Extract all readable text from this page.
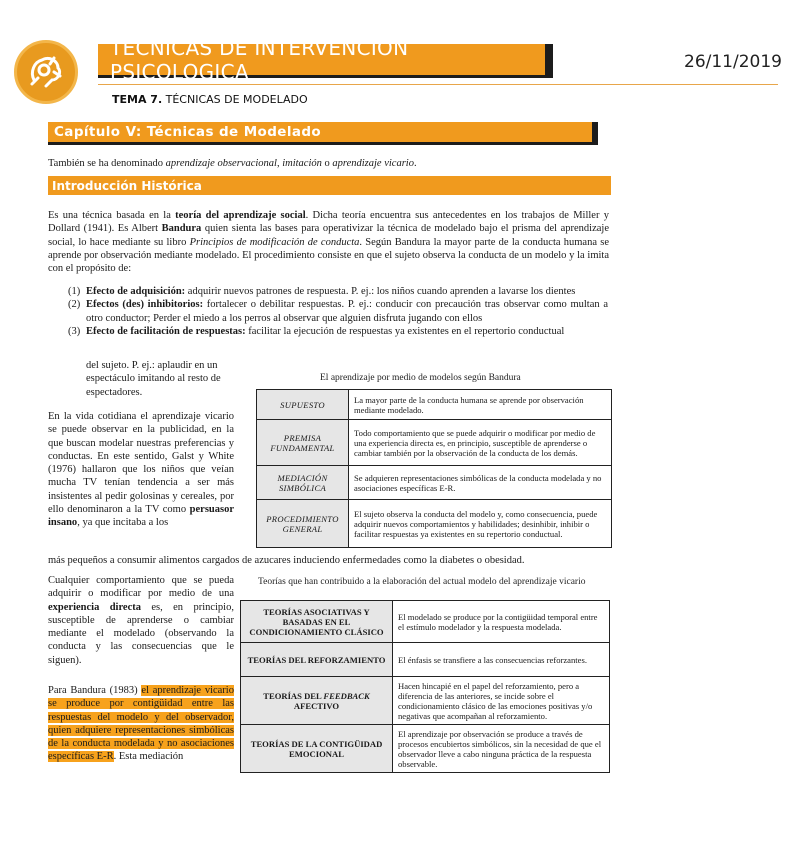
TÉCNICAS DE INTERVENCIÓN PSICOLOGICA	26/11/2019
TEMA 7. TÉCNICAS DE MODELADO
Capítulo V: Técnicas de Modelado
También se ha denominado aprendizaje observacional, imitación o aprendizaje vicario.
Introducción Histórica
Es una técnica basada en la teoría del aprendizaje social. Dicha teoría encuentra sus antecedentes en los trabajos de Miller y Dollard (1941). Es Albert Bandura quien sienta las bases para operativizar la técnica de modelado bajo el prisma del aprendizaje social, lo hace mediante su libro Principios de modificación de conducta. Según Bandura la mayor parte de la conducta humana se aprende por observación mediante modelado. El procedimiento consiste en que el sujeto observa la conducta de un modelo y la imita con el propósito de:
(1) Efecto de adquisición: adquirir nuevos patrones de respuesta. P. ej.: los niños cuando aprenden a lavarse los dientes
(2) Efectos (des) inhibitorios: fortalecer o debilitar respuestas. P. ej.: conducir con precaución tras observar como multan a otro conductor; Perder el miedo a los perros al observar que alguien disfruta jugando con ellos
(3) Efecto de facilitación de respuestas: facilitar la ejecución de respuestas ya existentes en el repertorio conductual
del sujeto. P. ej.: aplaudir en un espectáculo imitando al resto de espectadores.
El aprendizaje por medio de modelos según Bandura
SUPUESTO	La mayor parte de la conducta humana se aprende por observación mediante modelado.
PREMISA FUNDAMENTAL	Todo comportamiento que se puede adquirir o modificar por medio de una experiencia directa es, en principio, susceptible de aprenderse o cambiar también por la observación de la conducta de los demás.
MEDIACIÓN SIMBÓLICA	Se adquieren representaciones simbólicas de la conducta modelada y no asociaciones específicas E-R.
PROCEDIMIENTO GENERAL	El sujeto observa la conducta del modelo y, como consecuencia, puede adquirir nuevos comportamientos y habilidades; desinhibir, inhibir o facilitar respuestas ya existentes en su repertorio conductual.
En la vida cotidiana el aprendizaje vicario se puede observar en la publicidad, en la que buscan modelar nuestras preferencias y conductas. En este sentido, Galst y White (1976) hallaron que los niños que veían mucha TV tenían tendencia a ser más insistentes al pedir golosinas y cereales, por ello denominaron a la TV como persuasor insano, ya que incitaba a los
más pequeños a consumir alimentos cargados de azucares induciendo enfermedades como la diabetes o obesidad.
Teorías que han contribuido a la elaboración del actual modelo del aprendizaje vicario
TEORÍAS ASOCIATIVAS Y BASADAS EN EL CONDICIONAMIENTO CLÁSICO	El modelado se produce por la contigüidad temporal entre el estímulo modelador y la respuesta modelada.
TEORÍAS DEL REFORZAMIENTO	El énfasis se transfiere a las consecuencias reforzantes.
TEORÍAS DEL FEEDBACK AFECTIVO	Hacen hincapié en el papel del reforzamiento, pero a diferencia de las anteriores, se incide sobre el condicionamiento clásico de las emociones positivas y/o negativas que acompañan al reforzamiento.
TEORÍAS DE LA CONTIGÜIDAD EMOCIONAL	El aprendizaje por observación se produce a través de procesos encubiertos simbólicos, sin la necesidad de que el observador lleve a cabo ninguna práctica de la respuesta observable.
Cualquier comportamiento que se pueda adquirir o modificar por medio de una experiencia directa es, en principio, susceptible de aprenderse o cambiar mediante el modelado (observando la conducta y las consecuencias que le siguen).
Para Bandura (1983) el aprendizaje vicario se produce por contigüidad entre las respuestas del modelo y del observador, quien adquiere representaciones simbólicas de la conducta modelada y no asociaciones específicas E-R. Esta mediación
